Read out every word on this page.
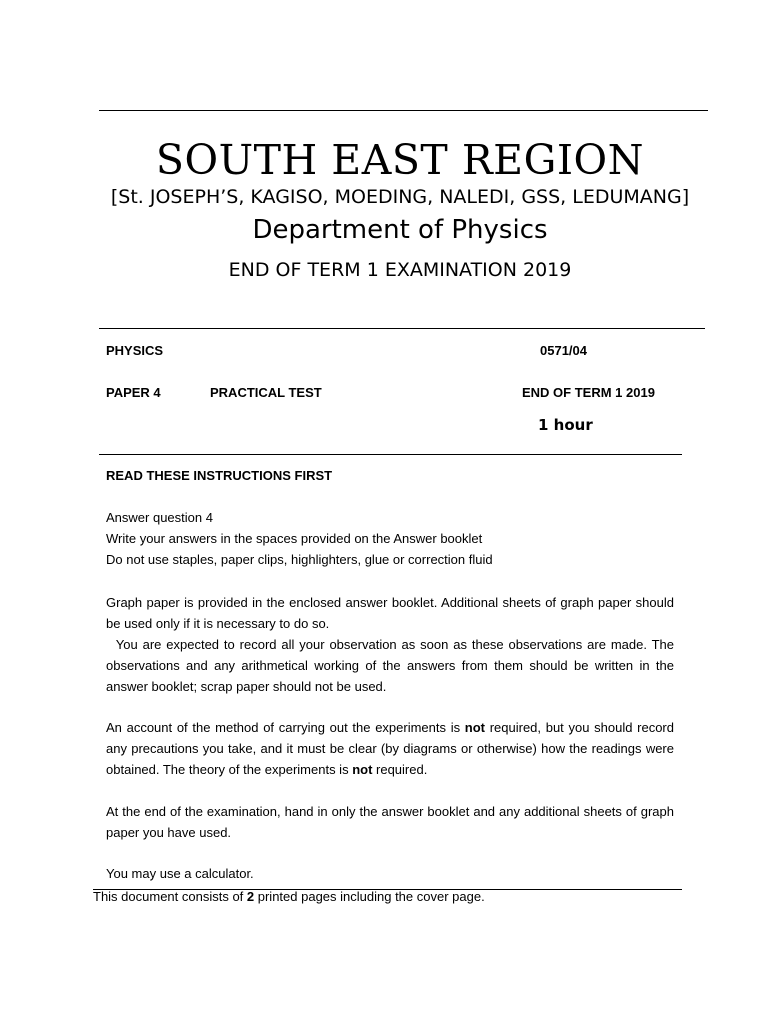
SOUTH EAST REGION
[St. JOSEPH’S, KAGISO, MOEDING, NALEDI, GSS, LEDUMANG]
Department of Physics
END OF TERM 1 EXAMINATION 2019
PHYSICS	0571/04
PAPER 4	PRACTICAL TEST	END OF TERM 1 2019
1 hour
READ THESE INSTRUCTIONS FIRST
Answer question 4
Write your answers in the spaces provided on the Answer booklet
Do not use staples, paper clips, highlighters, glue or correction fluid
Graph paper is provided in the enclosed answer booklet. Additional sheets of graph paper should be used only if it is necessary to do so.
You are expected to record all your observation as soon as these observations are made. The observations and any arithmetical working of the answers from them should be written in the answer booklet; scrap paper should not be used.
An account of the method of carrying out the experiments is not required, but you should record any precautions you take, and it must be clear (by diagrams or otherwise) how the readings were obtained. The theory of the experiments is not required.
At the end of the examination, hand in only the answer booklet and any additional sheets of graph paper you have used.
You may use a calculator.
This document consists of 2 printed pages including the cover page.
